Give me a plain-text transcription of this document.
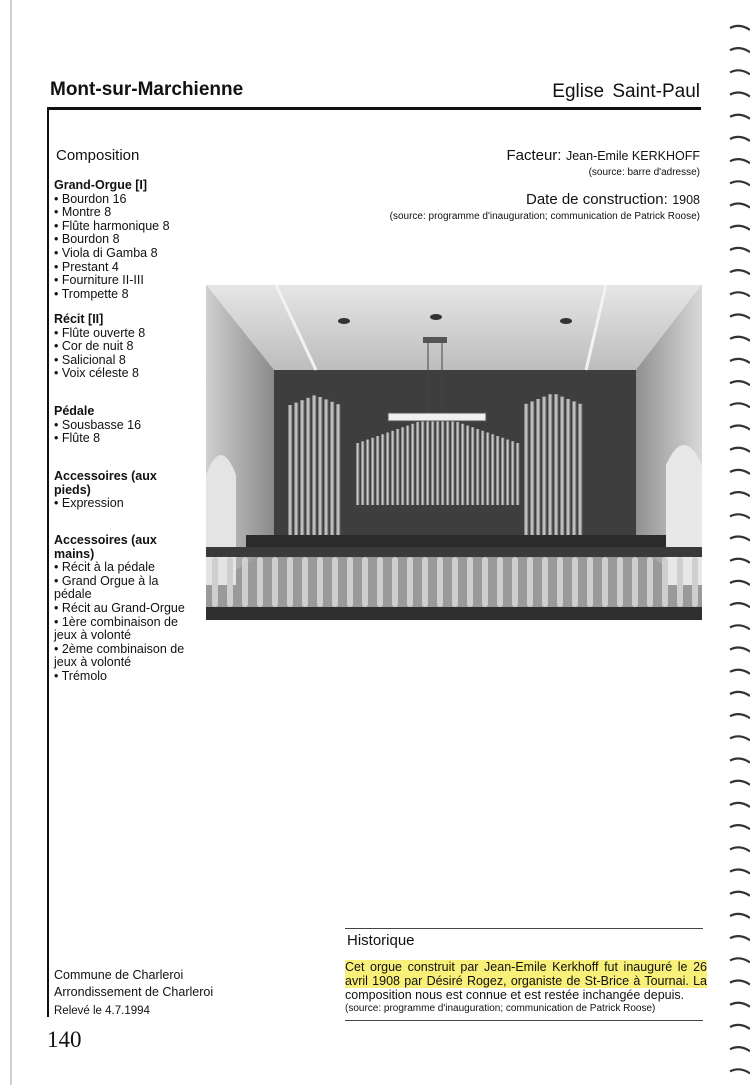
Mont-sur-Marchienne	Eglise Saint-Paul
Composition
Grand-Orgue [I]
• Bourdon 16
• Montre 8
• Flûte harmonique 8
• Bourdon 8
• Viola di Gamba 8
• Prestant 4
• Fourniture II-III
• Trompette 8
Récit [II]
• Flûte ouverte 8
• Cor de nuit 8
• Salicional 8
• Voix céleste 8
Pédale
• Sousbasse 16
• Flûte 8
Accessoires (aux pieds)
• Expression
Accessoires (aux mains)
• Récit à la pédale
• Grand Orgue à la pédale
• Récit au Grand-Orgue
• 1ère combinaison de jeux à volonté
• 2ème combinaison de jeux à volonté
• Trémolo
Facteur: Jean-Emile KERKHOFF
(source: barre d'adresse)
Date de construction: 1908
(source: programme d'inauguration; communication de Patrick Roose)
Commune de Charleroi
Arrondissement de Charleroi
Relevé le 4.7.1994
140
Historique
Cet orgue construit par Jean-Emile Kerkhoff fut inauguré le 26 avril 1908 par Désiré Rogez, organiste de St-Brice à Tournai. La composition nous est connue et est restée inchangée depuis.
(source: programme d'inauguration; communication de Patrick Roose)
